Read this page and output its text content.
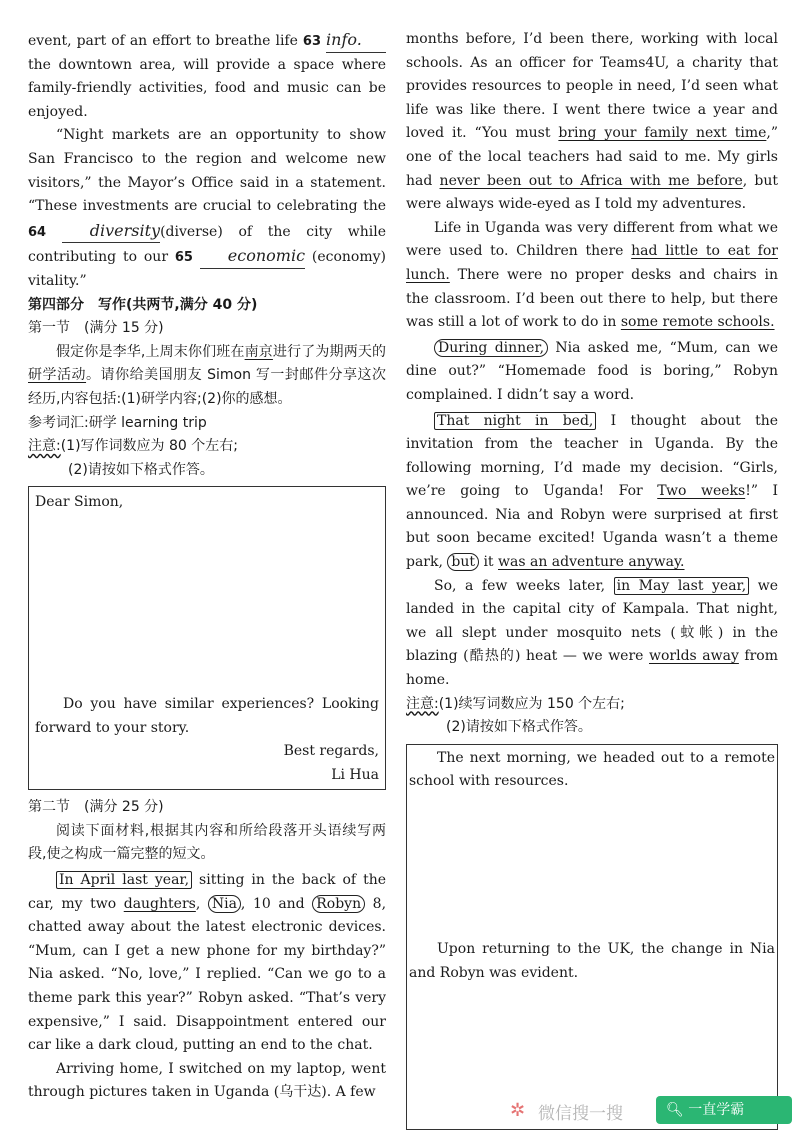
event, part of an effort to breathe life 63 info. the downtown area, will provide a space where family-friendly activities, food and music can be enjoyed.

“Night markets are an opportunity to show San Francisco to the region and welcome new visitors,” the Mayor’s Office said in a statement. “These investments are crucial to celebrating the 64	diversity(diverse) of the city while contributing to our 65 economic (economy) vitality.”

第四部分　写作(共两节,满分 40 分)

第一节　(满分 15 分)

假定你是李华,上周末你们班在南京进行了为期两天的研学活动。请你给美国朋友 Simon 写一封邮件分享这次经历,内容包括:(1)研学内容;(2)你的感想。

参考词汇:研学 learning trip

注意:(1)写作词数应为 80 个左右;

(2)请按如下格式作答。

Dear Simon,

Do you have similar experiences? Looking forward to your story.

Best regards,

Li Hua

第二节　(满分 25 分)

阅读下面材料,根据其内容和所给段落开头语续写两段,使之构成一篇完整的短文。

In April last year, sitting in the back of the car, my two daughters, Nia , 10 and Robyn 8, chatted away about the latest electronic devices. “Mum, can I get a new phone for my birthday?” Nia asked. “No, love,” I replied. “Can we go to a theme park this year?” Robyn asked. “That’s very expensive,” I said. Disappointment entered our car like a dark cloud, putting an end to the chat.

Arriving home, I switched on my laptop, went through pictures taken in Uganda (乌干达). A few

months before, I’d been there, working with local schools. As an officer for Teams4U, a charity that provides resources to people in need, I’d seen what life was like there. I went there twice a year and loved it. “You must bring your family next time,” one of the local teachers had said to me. My girls had never been out to Africa with me before, but were always wide-eyed as I told my adventures.

Life in Uganda was very different from what we were used to. Children there had little to eat for lunch. There were no proper desks and chairs in the classroom. I’d been out there to help, but there was still a lot of work to do in some remote schools.

During dinner, Nia asked me, “Mum, can we dine out?” “Homemade food is boring,” Robyn complained. I didn’t say a word.

That night in bed, I thought about the invitation from the teacher in Uganda. By the following morning, I’d made my decision. “Girls, we’re going to Uganda! For Two weeks!” I announced. Nia and Robyn were surprised at first but soon became excited! Uganda wasn’t a theme park, but it was an adventure anyway.

So, a few weeks later, in May last year, we landed in the capital city of Kampala. That night, we all slept under mosquito nets (蚊帐) in the blazing (酷热的) heat — we were worlds away from home.

注意:(1)续写词数应为 150 个左右;

(2)请按如下格式作答。

The next morning, we headed out to a remote school with resources.

Upon returning to the UK, the change in Nia and Robyn was evident.

✲ 微信搜一搜	🔍︎ 一直学霸
